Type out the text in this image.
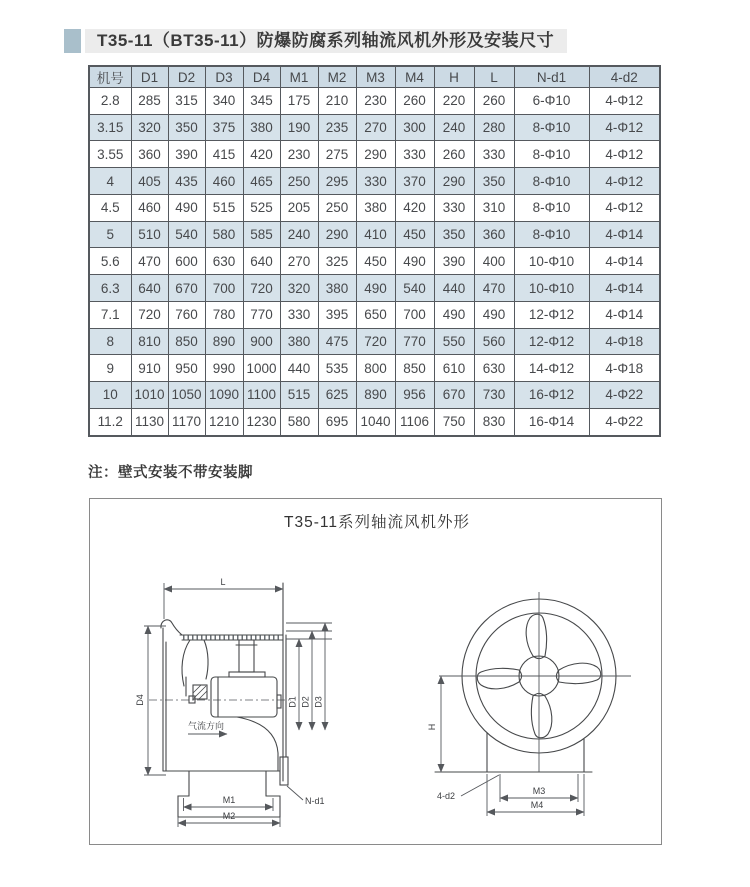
T35-11（BT35-11）防爆防腐系列轴流风机外形及安装尺寸
机号	D1	D2	D3	D4	M1	M2	M3	M4	H	L	N-d1	4-d2
2.8	285	315	340	345	175	210	230	260	220	260	6-Φ10	4-Φ12
3.15	320	350	375	380	190	235	270	300	240	280	8-Φ10	4-Φ12
3.55	360	390	415	420	230	275	290	330	260	330	8-Φ10	4-Φ12
4	405	435	460	465	250	295	330	370	290	350	8-Φ10	4-Φ12
4.5	460	490	515	525	205	250	380	420	330	310	8-Φ10	4-Φ12
5	510	540	580	585	240	290	410	450	350	360	8-Φ10	4-Φ14
5.6	470	600	630	640	270	325	450	490	390	400	10-Φ10	4-Φ14
6.3	640	670	700	720	320	380	490	540	440	470	10-Φ10	4-Φ14
7.1	720	760	780	770	330	395	650	700	490	490	12-Φ12	4-Φ14
8	810	850	890	900	380	475	720	770	550	560	12-Φ12	4-Φ18
9	910	950	990	1000	440	535	800	850	610	630	14-Φ12	4-Φ18
10	1010	1050	1090	1100	515	625	890	956	670	730	16-Φ12	4-Φ22
11.2	1130	1170	1210	1230	580	695	1040	1106	750	830	16-Φ14	4-Φ22
注：壁式安装不带安装脚
T35-11系列轴流风机外形
L
D4	D1 D2 D3
气流方向
M1
M2
N-d1
H
M3
M4
4-d2
